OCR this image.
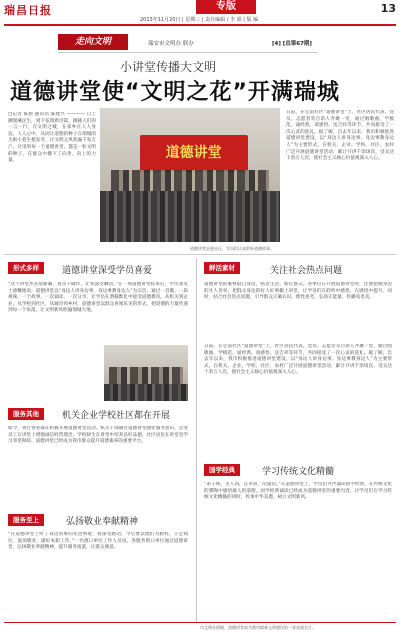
瑞昌日报	专版	13
2013年11月20日 | 星期三 | 责任编辑 / 李 娟 | 版 编
走向文明	瑞安市文明办 联办	[4] [总第67期]
小讲堂传播大文明
道德讲堂使“文明之花”开满瑞城
□记者 陈艳 通讯员 陈建兴 ———— 自上溯瑞溪民生，到下弦瑞新诗篇，跟随人们的一言一行，在文明之城，在家乡在人人身边，人人心中，从而让道德的种子在瑞城的大街小巷生根发芽，让文明之风吹遍千家万户。这里的每一个道德讲堂，都是一粒文明的种子，在群众中播下了向善、向上的力量。	道德讲堂
道德讲堂走进社区，学员们认真聆听道德故事。
日前，在仓前社区“道德讲堂”上，社区居民代表、党员、志愿者等百余人齐聚一堂，通过唱歌曲、学模范、诵经典、谈感悟、送吉祥等环节，共同接受了一次心灵的洗礼。据了解，自去年以来，我市积极推进道德讲堂建设，以“身边人讲身边事、身边事教身边人”为主要形式，在机关、企业、学校、社区、农村广泛开展道德讲堂活动，累计开讲千余场次，受众达十余万人次，使社会主义核心价值观深入人心。
形式多样	道德讲堂深受学员喜爱
“这个讲堂形式很新颖，真实不做作，让我深受触动。”在一场道德讲堂结束后，学员张女士感慨地说。道德讲堂以“身边人讲身边事、身边事教身边人”为宗旨，通过一首歌、一段视频、一个故事、一次诵读、一次分享，让学员在潜移默化中接受道德教育。从机关到企业，从学校到社区，从城市到乡村，道德讲堂以群众喜闻乐见的形式，把道德的力量传递到每一个角落，让文明新风吹遍瑞城大地。
鲜活素材	关注社会热点问题
道德讲堂的素材取自身边，贴近生活，贴近群众。各单位在开展道德讲堂时，注重挖掘身边的凡人善举，把群众身边的好人好事搬上讲堂，让学员们在聆听中感悟，在感悟中提升。同时，结合社会热点问题，引导群众正确认识、理性思考，弘扬正能量，传播真善美。
日前，在仓前社区“道德讲堂”上，社区居民代表、党员、志愿者等百余人齐聚一堂，通过唱歌曲、学模范、诵经典、谈感悟、送吉祥等环节，共同接受了一次心灵的洗礼。据了解，自去年以来，我市积极推进道德讲堂建设，以“身边人讲身边事、身边事教身边人”为主要形式，在机关、企业、学校、社区、农村广泛开展道德讲堂活动，累计开讲千余场次，受众达十余万人次，使社会主义核心价值观深入人心。
服务其他	机关企业学校社区都在开展
如今，各行各业都在积极开展道德讲堂活动。机关干部通过道德讲堂强化服务意识，企业员工在讲堂上增强诚信经营理念，学校师生在讲堂中培养良好品德，社区居民在讲堂里学习邻里和睦。道德讲堂已经成为我市群众提升道德素养的重要平台。
国学经典	学习传统文化精髓
“弟子规，圣人训，首孝弟，次谨信。”在道德讲堂上，学员们齐声诵读国学经典，在传统文化的熏陶中感悟做人的道理。国学经典诵读已经成为道德讲堂的重要内容，让学员们在学习传统文化精髓的同时，传承中华美德，树立文明新风。
服务至上	弘扬敬业奉献精神
“在道德讲堂上听了身边同事的先进事迹，我深受感动，今后要以他们为榜样，立足岗位，爱岗敬业，做好本职工作。”一名窗口单位工作人员说。各服务窗口单位通过道德讲堂，弘扬敬业奉献精神，提升服务质量，让群众满意。
市文明办供稿，道德讲堂成为我市精神文明建设的一张亮丽名片。
